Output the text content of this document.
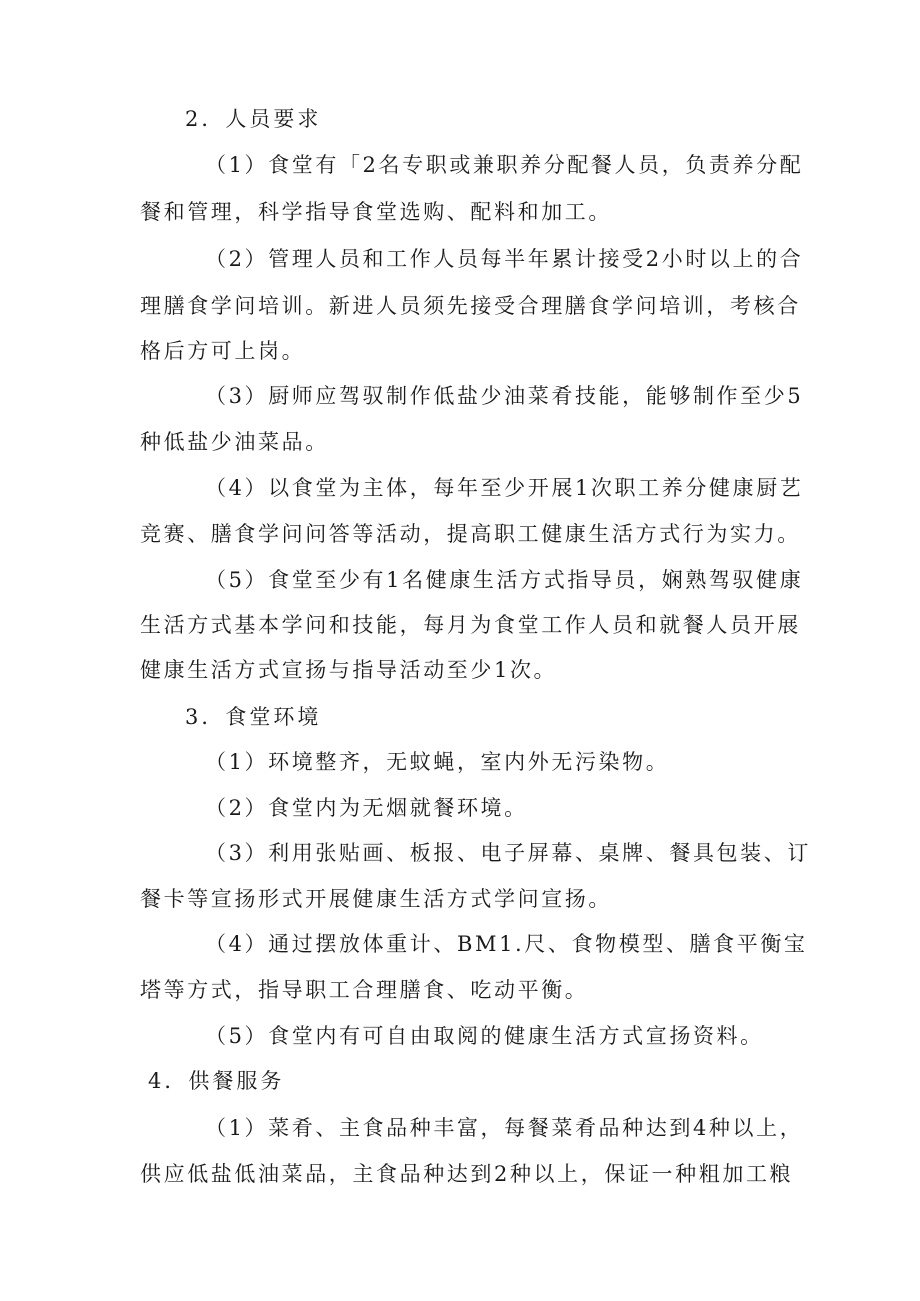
2．人员要求
（1）食堂有「2名专职或兼职养分配餐人员，负责养分配
餐和管理，科学指导食堂选购、配料和加工。
（2）管理人员和工作人员每半年累计接受2小时以上的合
理膳食学问培训。新进人员须先接受合理膳食学问培训，考核合
格后方可上岗。
（3）厨师应驾驭制作低盐少油菜肴技能，能够制作至少5
种低盐少油菜品。
（4）以食堂为主体，每年至少开展1次职工养分健康厨艺
竞赛、膳食学问问答等活动，提高职工健康生活方式行为实力。
（5）食堂至少有1名健康生活方式指导员，娴熟驾驭健康
生活方式基本学问和技能，每月为食堂工作人员和就餐人员开展
健康生活方式宣扬与指导活动至少1次。
3．食堂环境
（1）环境整齐，无蚊蝇，室内外无污染物。
（2）食堂内为无烟就餐环境。
（3）利用张贴画、板报、电子屏幕、桌牌、餐具包装、订
餐卡等宣扬形式开展健康生活方式学问宣扬。
（4）通过摆放体重计、BM1.尺、食物模型、膳食平衡宝
塔等方式，指导职工合理膳食、吃动平衡。
（5）食堂内有可自由取阅的健康生活方式宣扬资料。
4．供餐服务
（1）菜肴、主食品种丰富，每餐菜肴品种达到4种以上，
供应低盐低油菜品，主食品种达到2种以上，保证一种粗加工粮
